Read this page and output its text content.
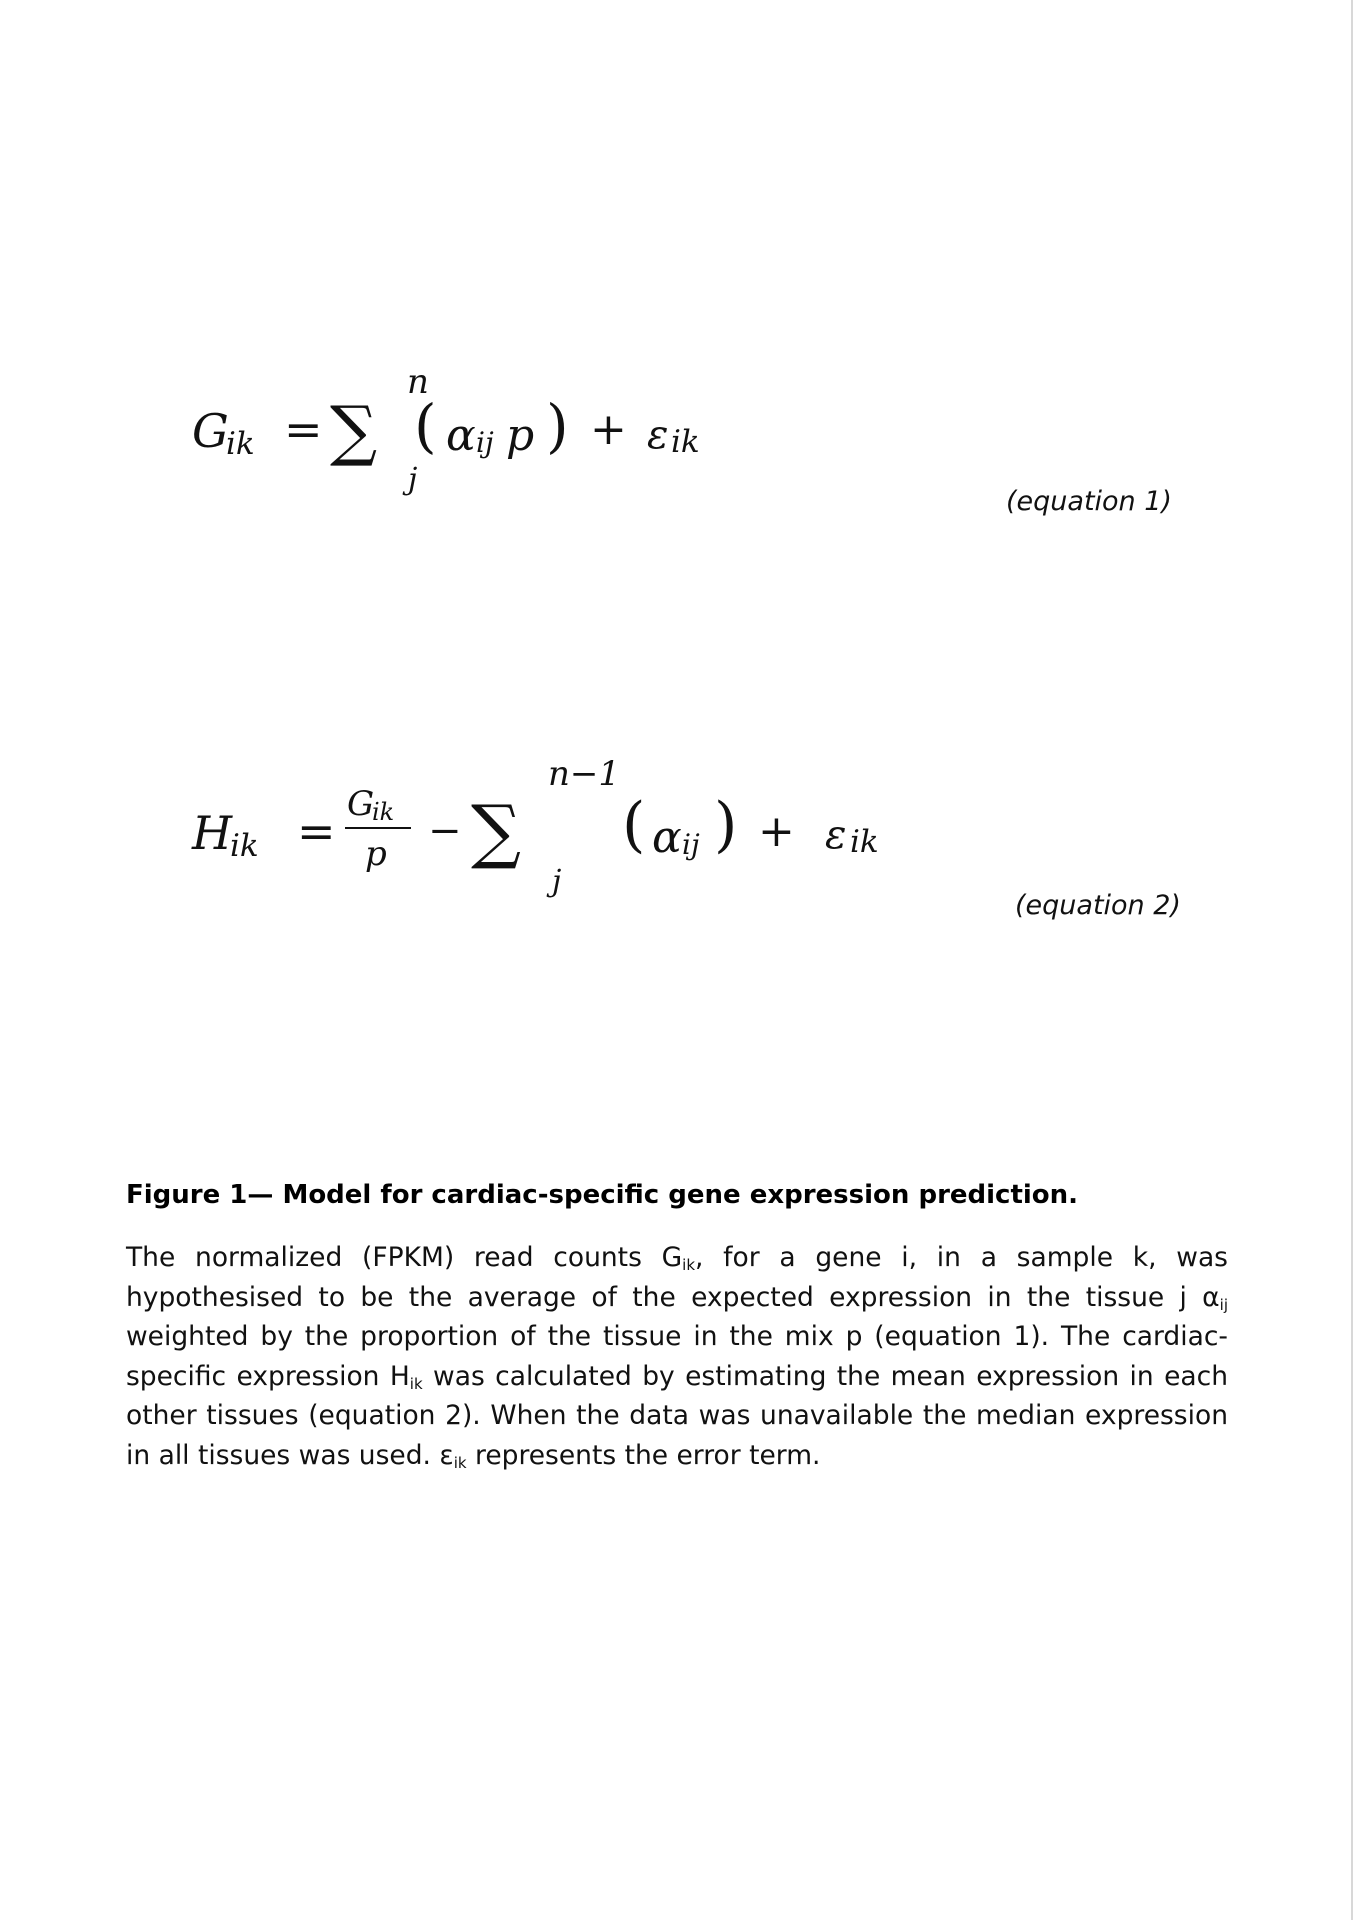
G
ik = ∑
n
j
( α ij p ) + ε ik
(equation 1)
H
ik = G
ik
p − ∑
n−1
j
( α ij ) + ε ik
(equation 2)
Figure 1— Model for cardiac-specific gene expression prediction.
The normalized (FPKM) read counts $G_{ik}$, for a gene i, in a sample k, was hypothesised to be the average of the expected expression in the tissue j $\alpha_{ij}$ weighted by the proportion of the tissue in the mix p (equation 1). The cardiac-specific expression $H_{ik}$ was calculated by estimating the mean expression in each other tissues (equation 2). When the data was unavailable the median expression in all tissues was used. $\varepsilon_{ik}$ represents the error term.
